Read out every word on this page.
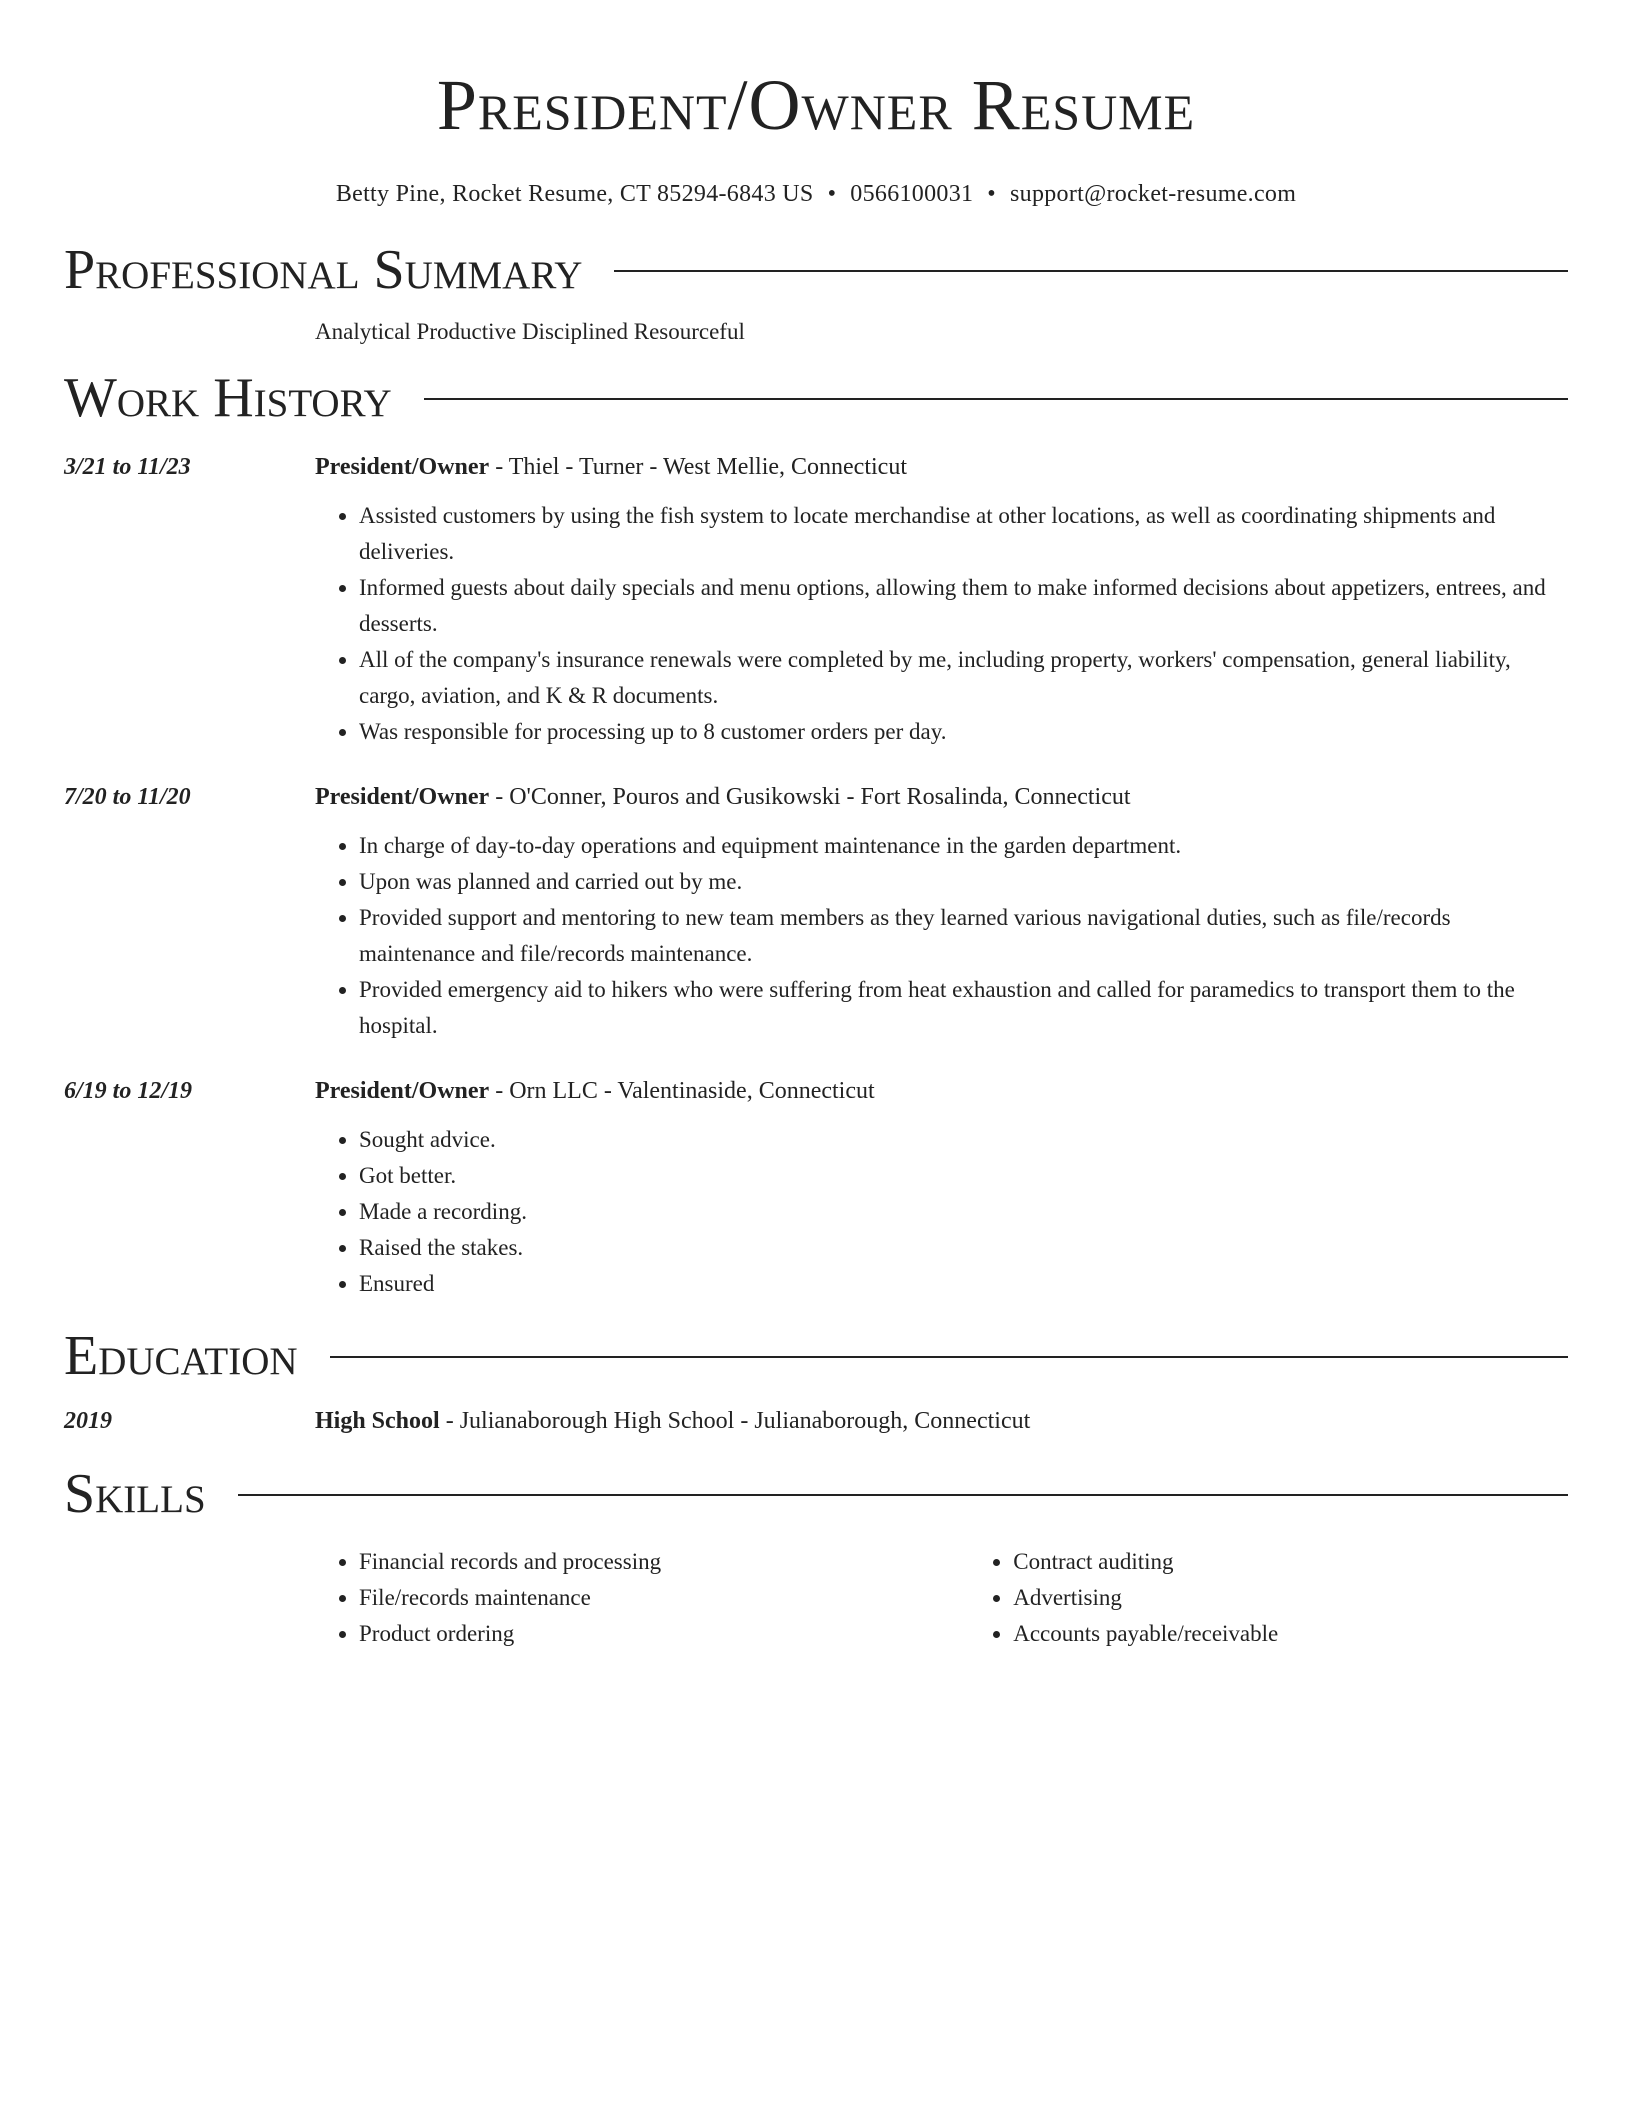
President/Owner Resume
Betty Pine, Rocket Resume, CT 85294-6843 US • 0566100031 • support@rocket-resume.com
Professional Summary
Analytical Productive Disciplined Resourceful
Work History
3/21 to 11/23	President/Owner - Thiel - Turner - West Mellie, Connecticut
• Assisted customers by using the fish system to locate merchandise at other locations, as well as coordinating shipments and deliveries.
• Informed guests about daily specials and menu options, allowing them to make informed decisions about appetizers, entrees, and desserts.
• All of the company's insurance renewals were completed by me, including property, workers' compensation, general liability, cargo, aviation, and K & R documents.
• Was responsible for processing up to 8 customer orders per day.
7/20 to 11/20	President/Owner - O'Conner, Pouros and Gusikowski - Fort Rosalinda, Connecticut
• In charge of day-to-day operations and equipment maintenance in the garden department.
• Upon was planned and carried out by me.
• Provided support and mentoring to new team members as they learned various navigational duties, such as file/records maintenance and file/records maintenance.
• Provided emergency aid to hikers who were suffering from heat exhaustion and called for paramedics to transport them to the hospital.
6/19 to 12/19	President/Owner - Orn LLC - Valentinaside, Connecticut
• Sought advice.
• Got better.
• Made a recording.
• Raised the stakes.
• Ensured
Education
2019	High School - Julianaborough High School - Julianaborough, Connecticut
Skills
• Financial records and processing
• File/records maintenance
• Product ordering
• Contract auditing
• Advertising
• Accounts payable/receivable
